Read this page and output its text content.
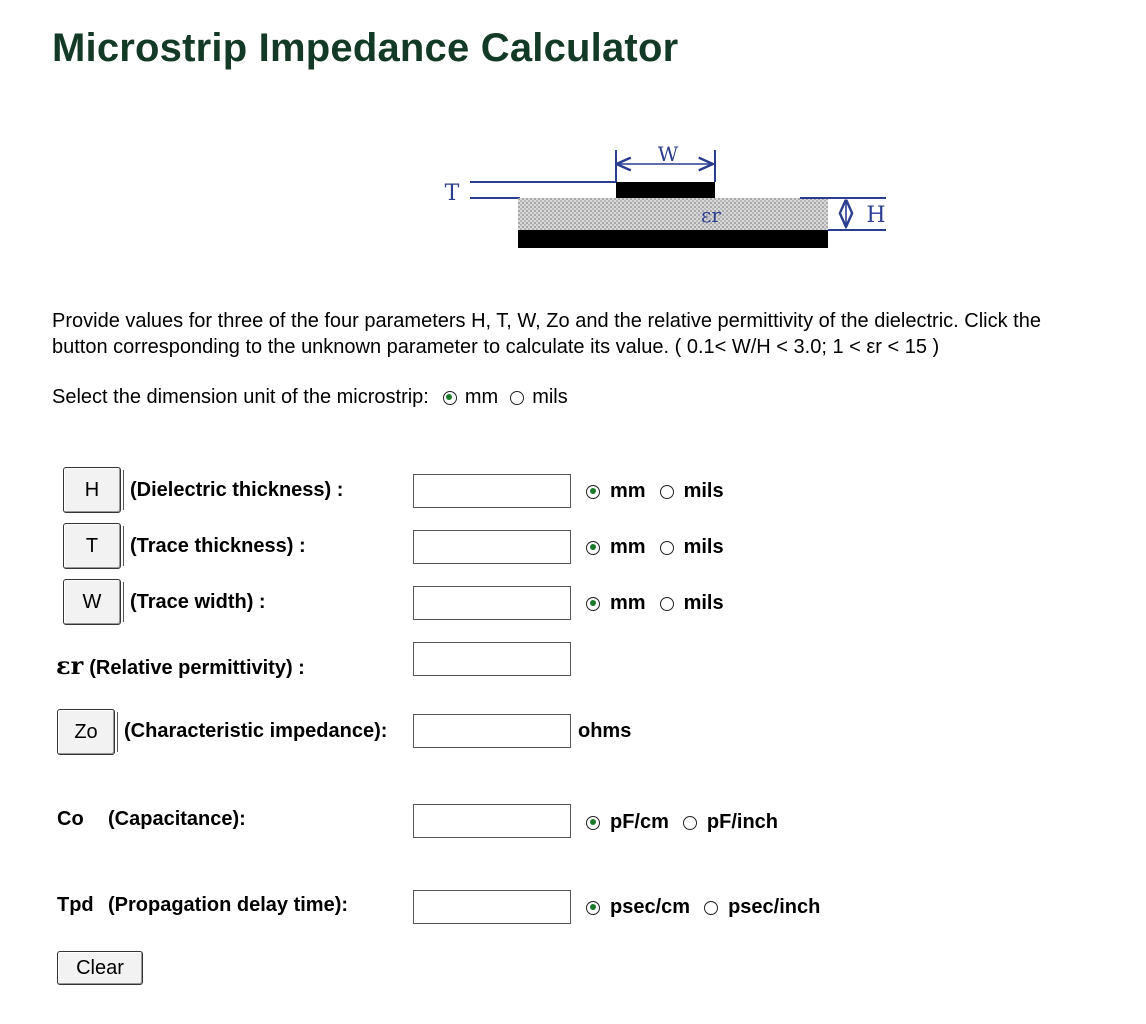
Microstrip Impedance Calculator
W
T
εr	H
Provide values for three of the four parameters H, T, W, Zo and the relative permittivity of the dielectric. Click the
button corresponding to the unknown parameter to calculate its value. ( 0.1< W/H < 3.0; 1 < εr < 15 )
Select the dimension unit of the microstrip: mm mils
H	(Dielectric thickness) :	mm mils
T	(Trace thickness) :	mm mils
W	(Trace width) :	mm mils
εr (Relative permittivity) :
Zo	(Characteristic impedance):	ohms
Co (Capacitance):	pF/cm pF/inch
Tpd (Propagation delay time):	psec/cm psec/inch
Clear
